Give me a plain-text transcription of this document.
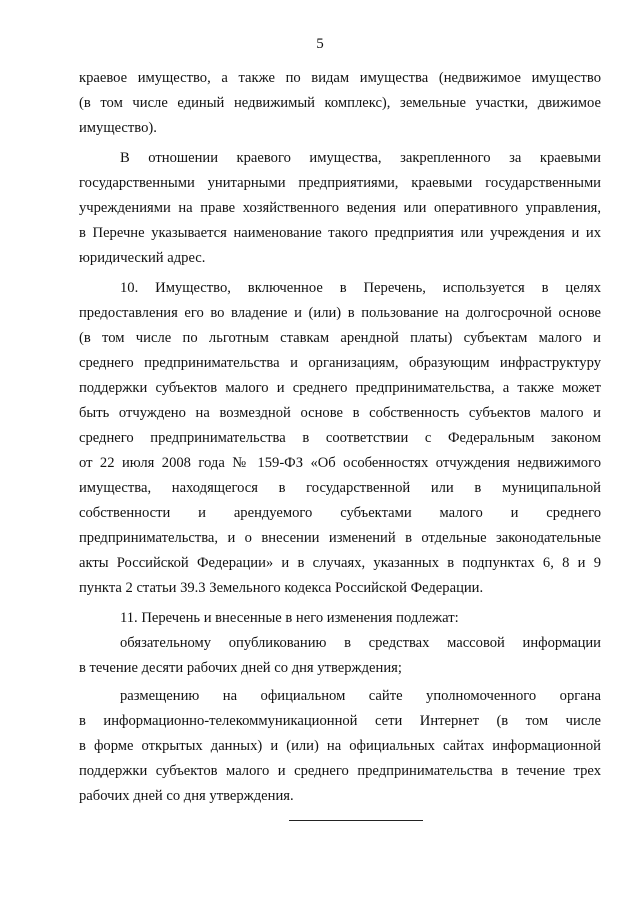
5
краевое имущество, а также по видам имущества (недвижимое имущество
(в том числе единый недвижимый комплекс), земельные участки, движимое
имущество).
В отношении краевого имущества, закрепленного за краевыми
государственными унитарными предприятиями, краевыми государственными
учреждениями на праве хозяйственного ведения или оперативного управления,
в Перечне указывается наименование такого предприятия или учреждения и их
юридический адрес.
10. Имущество, включенное в Перечень, используется в целях
предоставления его во владение и (или) в пользование на долгосрочной основе
(в том числе по льготным ставкам арендной платы) субъектам малого и
среднего предпринимательства и организациям, образующим инфраструктуру
поддержки субъектов малого и среднего предпринимательства, а также может
быть отчуждено на возмездной основе в собственность субъектов малого и
среднего предпринимательства в соответствии с Федеральным законом
от 22 июля 2008 года № 159-ФЗ «Об особенностях отчуждения недвижимого
имущества, находящегося в государственной или в муниципальной
собственности и арендуемого субъектами малого и среднего
предпринимательства, и о внесении изменений в отдельные законодательные
акты Российской Федерации» и в случаях, указанных в подпунктах 6, 8 и 9
пункта 2 статьи 39.3 Земельного кодекса Российской Федерации.
11. Перечень и внесенные в него изменения подлежат:
обязательному опубликованию в средствах массовой информации
в течение десяти рабочих дней со дня утверждения;
размещению на официальном сайте уполномоченного органа
в информационно-телекоммуникационной сети Интернет (в том числе
в форме открытых данных) и (или) на официальных сайтах информационной
поддержки субъектов малого и среднего предпринимательства в течение трех
рабочих дней со дня утверждения.
